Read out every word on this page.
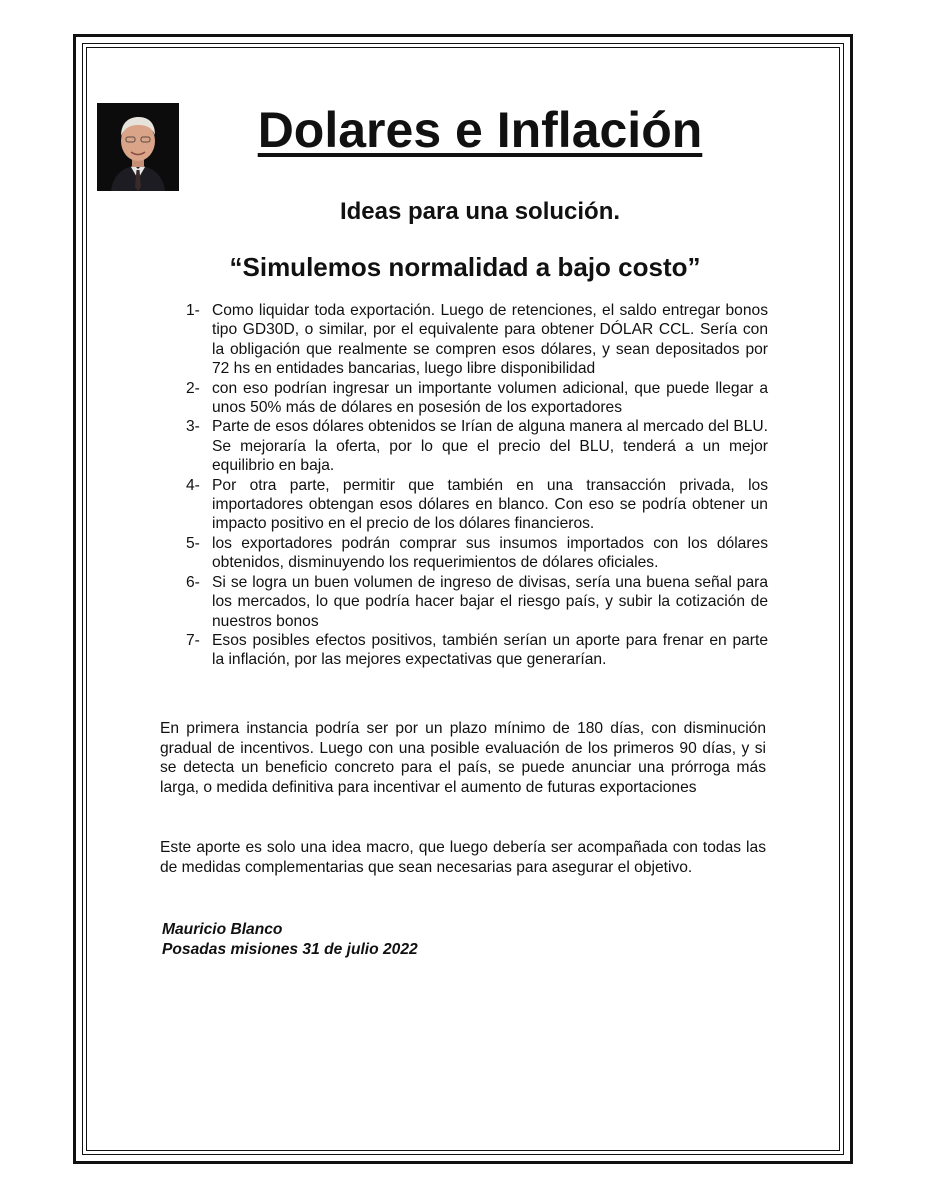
Dolares e Inflación
Ideas para una solución.
“Simulemos normalidad a bajo costo”
1- Como liquidar toda exportación. Luego de retenciones, el saldo entregar bonos tipo GD30D, o similar, por el equivalente para obtener DÓLAR CCL. Sería con la obligación que realmente se compren esos dólares, y sean depositados por 72 hs en entidades bancarias, luego libre disponibilidad
2- con eso podrían ingresar un importante volumen adicional, que puede llegar a unos 50% más de dólares en posesión de los exportadores
3- Parte de esos dólares obtenidos se Irían de alguna manera al mercado del BLU. Se mejoraría la oferta, por lo que el precio del BLU, tenderá a un mejor equilibrio en baja.
4- Por otra parte, permitir que también en una transacción privada, los importadores obtengan esos dólares en blanco. Con eso se podría obtener un impacto positivo en el precio de los dólares financieros.
5- los exportadores podrán comprar sus insumos importados con los dólares obtenidos, disminuyendo los requerimientos de dólares oficiales.
6- Si se logra un buen volumen de ingreso de divisas, sería una buena señal para los mercados, lo que podría hacer bajar el riesgo país, y subir la cotización de nuestros bonos
7- Esos posibles efectos positivos, también serían un aporte para frenar en parte la inflación, por las mejores expectativas que generarían.

En primera instancia podría ser por un plazo mínimo de 180 días, con disminución gradual de incentivos. Luego con una posible evaluación de los primeros 90 días, y si se detecta un beneficio concreto para el país, se puede anunciar una prórroga más larga, o medida definitiva para incentivar el aumento de futuras exportaciones

Este aporte es solo una idea macro, que luego debería ser acompañada con todas las de medidas complementarias que sean necesarias para asegurar el objetivo.

Mauricio Blanco
Posadas misiones 31 de julio 2022
